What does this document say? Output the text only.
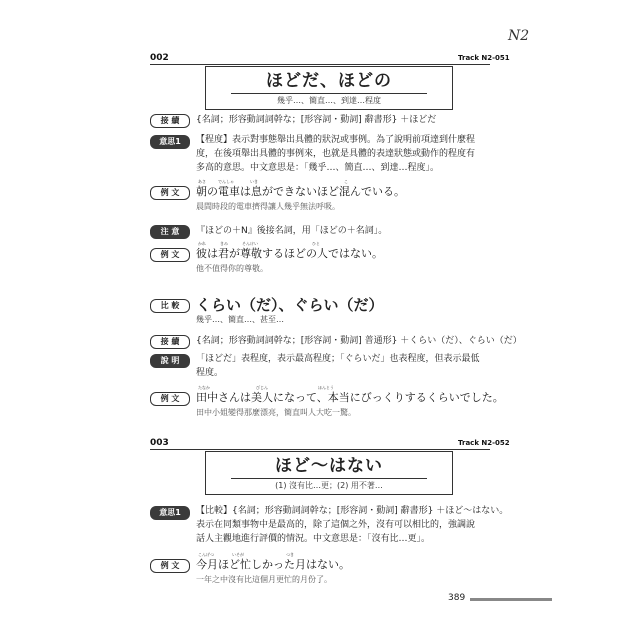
N2
002	Track N2-051
ほどだ、ほどの
幾乎…、簡直…、到達…程度
接 續	{名詞；形容動詞詞幹な；[形容詞・動詞] 辭書形} ＋ほどだ
意思1	【程度】表示對事態舉出具體的狀況或事例。為了說明前項達到什麼程
度，在後項舉出具體的事例來，也就是具體的表達狀態或動作的程度有
多高的意思。中文意思是：「幾乎…、簡直…、到達…程度」。
例 文
あさ	でんしゃ	いき	こ
朝の電車は息ができないほど混んでいる。
晨間時段的電車擠得讓人幾乎無法呼吸。
注 意	『ほどの＋N』後接名詞，用「ほどの＋名詞」。
例 文
かれ	きみ	そんけい	ひと
彼は君が尊敬するほどの人ではない。
他不值得你的尊敬。
比 較	くらい（だ）、ぐらい（だ）
幾乎…、簡直…、甚至…
接 續	{名詞；形容動詞詞幹な；[形容詞・動詞] 普通形} ＋くらい（だ）、ぐらい（だ）
說 明	「ほどだ」表程度，表示最高程度；「ぐらいだ」也表程度，但表示最低
程度。
例 文
たなか	びじん	ほんとう
田中さんは美人になって、本当にびっくりするくらいでした。
田中小姐變得那麼漂亮，簡直叫人大吃一驚。
003	Track N2-052
ほど〜はない
(1) 沒有比…更；(2) 用不著…
意思1	【比較】{名詞；形容動詞詞幹な；[形容詞・動詞] 辭書形} ＋ほど〜はない。
表示在同類事物中是最高的，除了這個之外，沒有可以相比的，強調說
話人主觀地進行評價的情況。中文意思是：「沒有比…更」。
例 文
こんげつ	いそが	つき
今月ほど忙しかった月はない。
一年之中沒有比這個月更忙的月份了。
389
